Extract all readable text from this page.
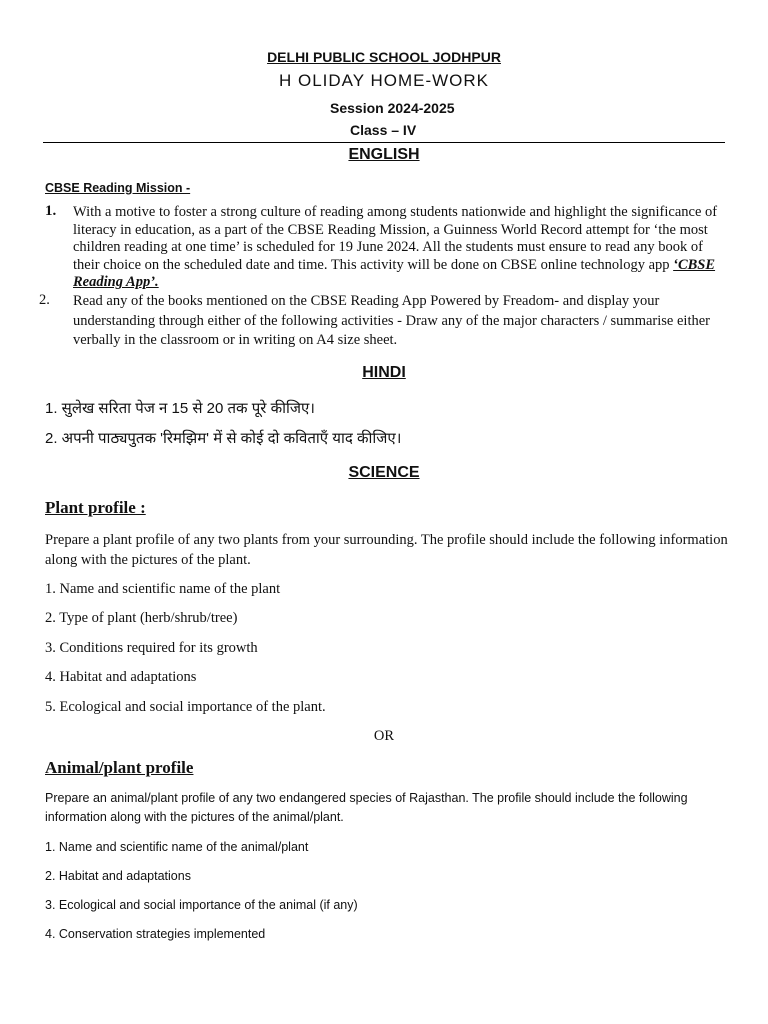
DELHI PUBLIC SCHOOL JODHPUR
H OLIDAY HOME-WORK
Session 2024-2025
Class – IV
ENGLISH
CBSE Reading Mission -
1. With a motive to foster a strong culture of reading among students nationwide and highlight the significance of literacy in education, as a part of the CBSE Reading Mission, a Guinness World Record attempt for ‘the most children reading at one time’ is scheduled for 19 June 2024. All the students must ensure to read any book of their choice on the scheduled date and time. This activity will be done on CBSE online technology app ‘CBSE Reading App’.
2. Read any of the books mentioned on the CBSE Reading App Powered by Freadom- and display your understanding through either of the following activities - Draw any of the major characters / summarise either verbally in the classroom or in writing on A4 size sheet.
HINDI
1. सुलेख सरिता पेज न 15 से 20 तक पूरे कीजिए।
2. अपनी पाठ्यपुतक 'रिमझिम' में से कोई दो कविताएँ याद कीजिए।
SCIENCE
Plant profile :
Prepare a plant profile of any two plants from your surrounding. The profile should include the following information along with the pictures of the plant.
1. Name and scientific name of the plant
2. Type of plant (herb/shrub/tree)
3. Conditions required for its growth
4. Habitat and adaptations
5. Ecological and social importance of the plant.
OR
Animal/plant profile
Prepare an animal/plant profile of any two endangered species of Rajasthan. The profile should include the following information along with the pictures of the animal/plant.
1. Name and scientific name of the animal/plant
2. Habitat and adaptations
3. Ecological and social importance of the animal (if any)
4. Conservation strategies implemented
